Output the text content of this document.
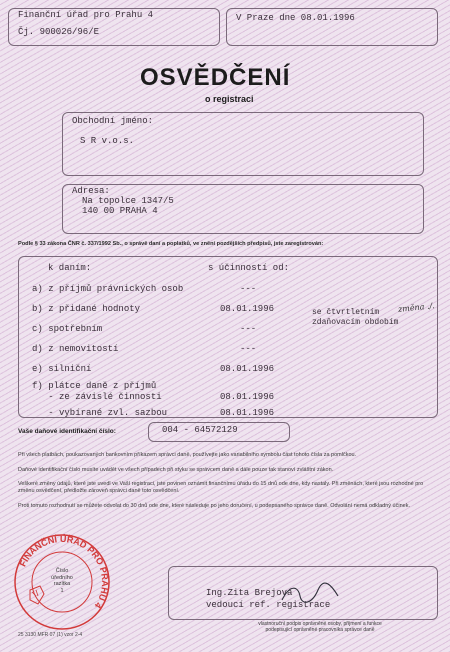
Finanční úřad pro Prahu 4
Čj. 900026/96/E
V Praze dne 08.01.1996
OSVĚDČENÍ
o registraci
Obchodní jméno:
S R v.o.s.
Adresa:
Na topolce 1347/5
140 00 PRAHA 4
Podle § 33 zákona ČNR č. 337/1992 Sb., o správě daní a poplatků, ve znění pozdějších předpisů, jste zaregistrován:
k daním:	s účinností od:
a) z příjmů právnických osob	---
b) z přidané hodnoty	08.01.1996	se čtvrtletním
zdaňovacím obdobím
c) spotřebním	---
d) z nemovitostí	---
e) silniční	08.01.1996
f) plátce daně z příjmů
- ze závislé činnosti	08.01.1996
- vybírané zvl. sazbou	08.01.1996
změna ./.
Vaše daňové identifikační číslo:	004 - 64572129
Při všech platbách, poukazovaných bankovním příkazem správci daně, používejte jako variabilního symbolu část tohoto čísla za pomlčkou.
Daňové identifikační číslo musíte uvádět ve všech případech při styku se správcem daně a dále pouze tak stanoví zvláštní zákon.
Veškeré změny údajů, které jste uvedl ve Vaší registraci, jste povinen oznámit finančnímu úřadu do 15 dnů ode dne, kdy nastaly. Při změnách, které jsou rozhodné pro změnu osvědčení, předložte zároveň správci daně toto osvědčení.
Proti tomuto rozhodnutí se můžete odvolat do 30 dnů ode dne, které následuje po jeho doručení, u podepsaného správce daně. Odvolání nemá odkladný účinek.
FINANČNÍ ÚŘAD PRO PRAHU 4
Číslo
úředního
razítka
1	Ing.Zita Brejová
vedoucí ref. registrace
vlastnoruční podpis oprávněné osoby, příjmení a funkce
podepisující oprávněné pracovníka správce daně
25 3130 MFR 07 (1) vzor 2-4
